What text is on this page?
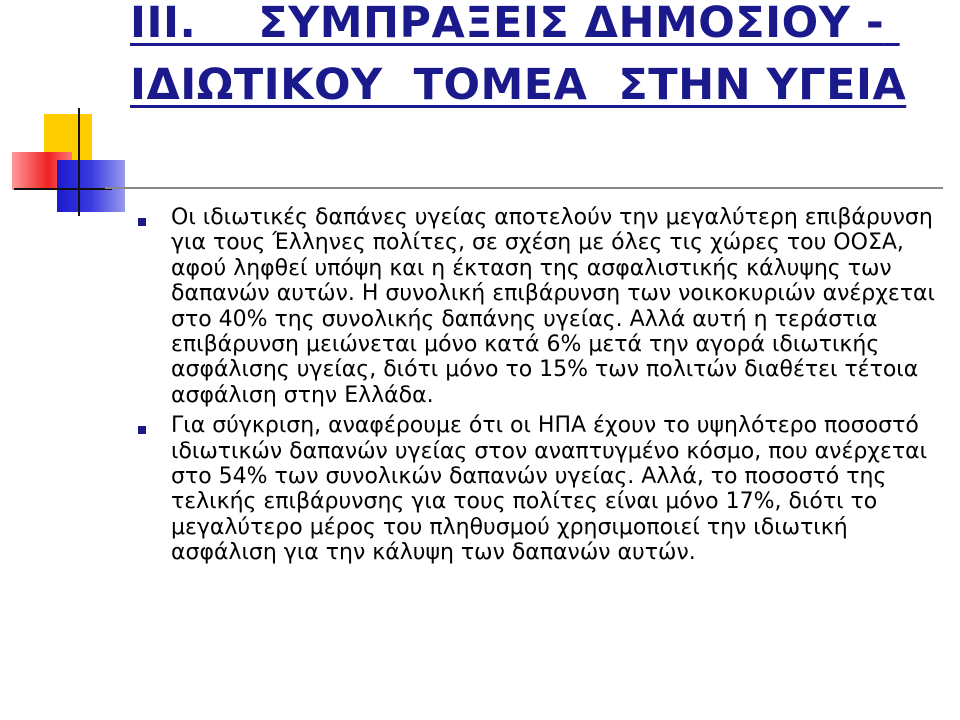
ΙΙΙ.    ΣΥΜΠΡΑΞΕΙΣ ΔΗΜΟΣΙΟΥ - ΙΔΙΩΤΙΚΟΥ  ΤΟΜΕΑ  ΣΤΗΝ ΥΓΕΙΑ
Οι ιδιωτικές δαπάνες υγείας αποτελούν την μεγαλύτερη επιβάρυνση για τους Έλληνες πολίτες, σε σχέση με όλες τις χώρες του ΟΟΣΑ, αφού ληφθεί υπόψη και η έκταση της ασφαλιστικής κάλυψης των δαπανών αυτών. Η συνολική επιβάρυνση των νοικοκυριών ανέρχεται στο 40% της συνολικής δαπάνης υγείας. Αλλά αυτή η τεράστια επιβάρυνση μειώνεται μόνο κατά 6% μετά την αγορά ιδιωτικής ασφάλισης υγείας, διότι μόνο το 15% των πολιτών διαθέτει τέτοια ασφάλιση στην Ελλάδα.
Για σύγκριση, αναφέρουμε ότι οι ΗΠΑ έχουν το υψηλότερο ποσοστό ιδιωτικών δαπανών υγείας στον αναπτυγμένο κόσμο, που ανέρχεται στο 54% των συνολικών δαπανών υγείας. Αλλά, το ποσοστό της τελικής επιβάρυνσης για τους πολίτες είναι μόνο 17%, διότι το μεγαλύτερο μέρος του πληθυσμού χρησιμοποιεί την ιδιωτική ασφάλιση για την κάλυψη των δαπανών αυτών.
